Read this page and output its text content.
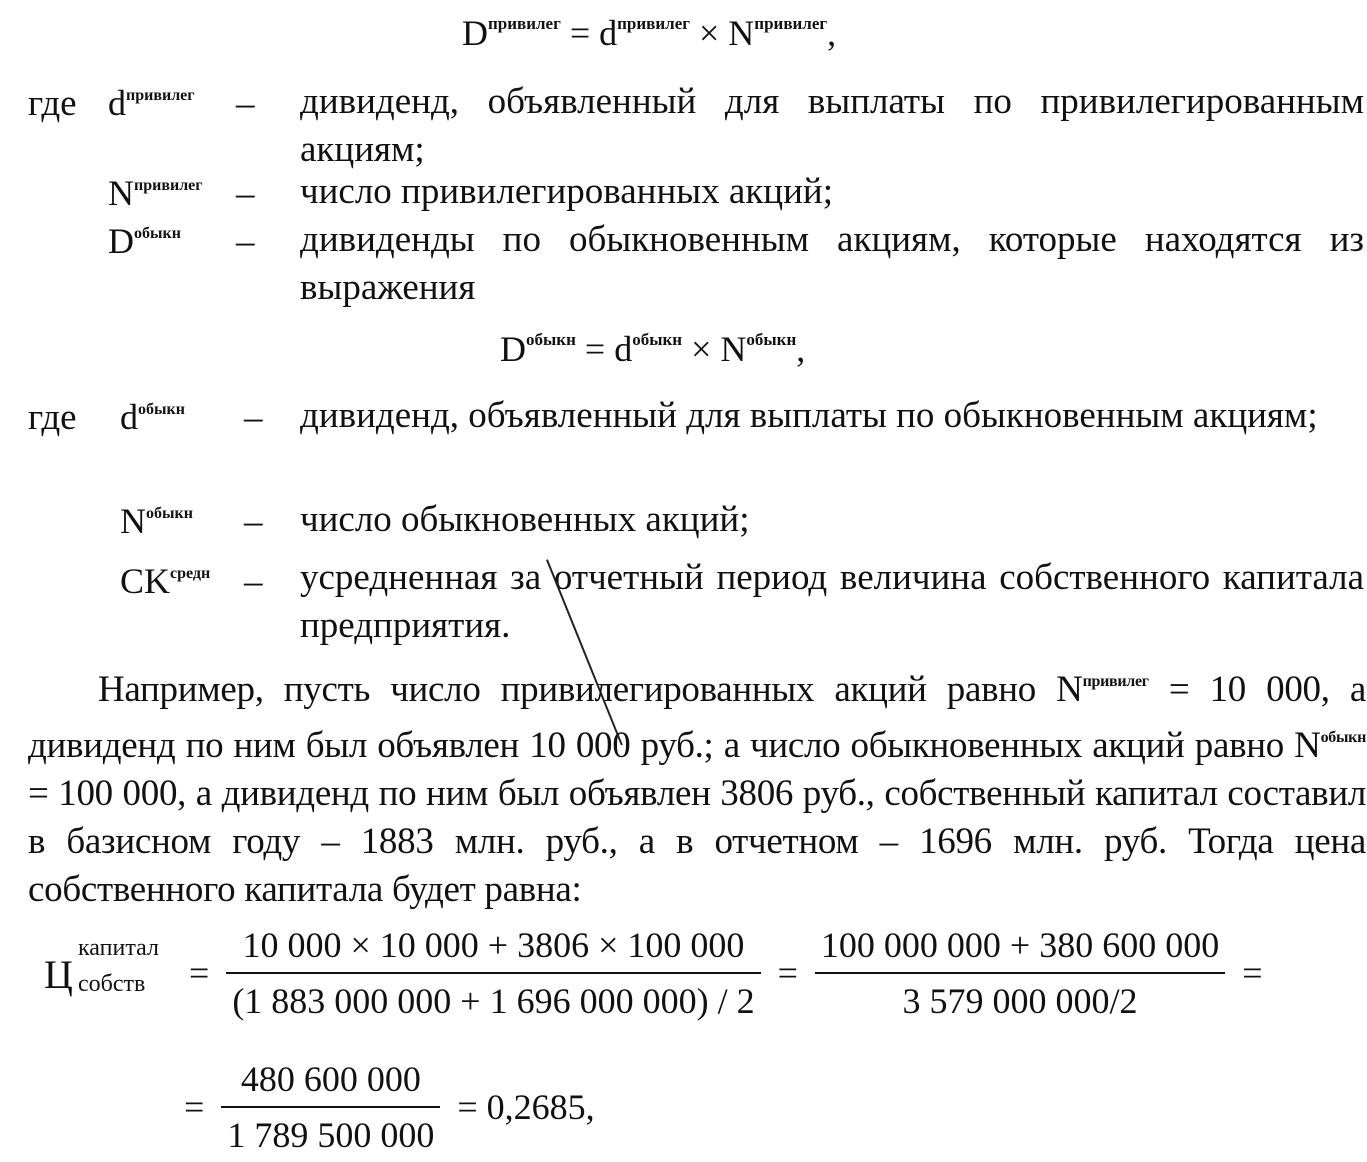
$D^{привилег} = d^{привилег} \times N^{привилег}$,
где $d^{привилег}$ – дивиденд, объявленный для выплаты по привилегированным акциям;
$N^{привилег}$ – число привилегированных акций;
$D^{обыкн}$ – дивиденды по обыкновенным акциям, которые находятся из выражения
$D^{обыкн} = d^{обыкн} \times N^{обыкн}$,
где $d^{обыкн}$ – дивиденд, объявленный для выплаты по обыкновенным акциям;
$N^{обыкн}$ – число обыкновенных акций;
$CK^{средн}$ – усредненная за отчетный период величина собственного капитала предприятия.
Например, пусть число привилегированных акций равно $N^{привилег} = 10$ 000, а дивиденд по ним был объявлен 10 000 руб.; а число обыкновенных акций равно $N^{обыкн} = 100$ 000, а дивиденд по ним был объявлен 3806 руб., собственный капитал составил в базисном году – 1883 млн. руб., а в отчетном – 1696 млн. руб. Тогда цена собственного капитала будет равна:
Ц
капитал
собств = $\frac{10 000 \times 10 000 + 3806 \times 100 000}{(1 883 000 000 + 1 696 000 000) / 2} = \frac{100 000 000 + 380 600 000}{3 579 000 000/2}$ =
= $\frac{480 600 000}{1 789 500 000} = 0,2685$,
